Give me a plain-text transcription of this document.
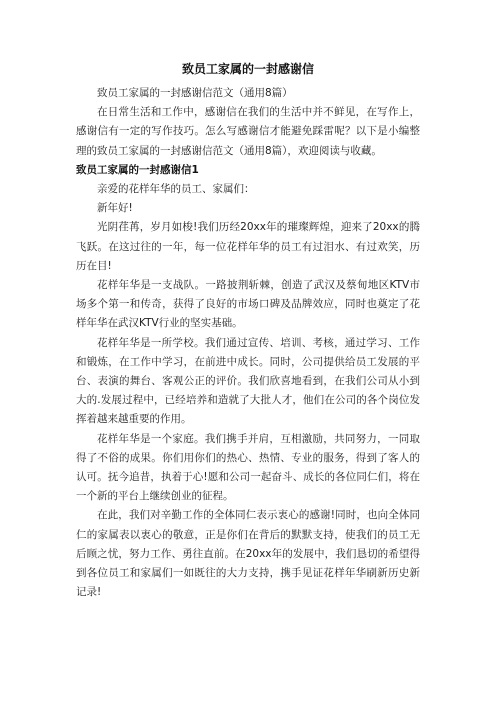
致员工家属的一封感谢信

致员工家属的一封感谢信范文（通用8篇）

在日常生活和工作中，感谢信在我们的生活中并不鲜见，在写作上，感谢信有一定的写作技巧。怎么写感谢信才能避免踩雷呢？以下是小编整理的致员工家属的一封感谢信范文（通用8篇），欢迎阅读与收藏。

致员工家属的一封感谢信1

亲爱的花样年华的员工、家属们：

新年好!

光阴荏苒，岁月如梭!我们历经20xx年的璀璨辉煌，迎来了20xx的腾飞跃。在这过往的一年，每一位花样年华的员工有过泪水、有过欢笑，历历在目!

花样年华是一支战队。一路披荆斩棘，创造了武汉及蔡甸地区KTV市场多个第一和传奇，获得了良好的市场口碑及品牌效应，同时也奠定了花样年华在武汉KTV行业的坚实基础。

花样年华是一所学校。我们通过宣传、培训、考核，通过学习、工作和锻炼，在工作中学习，在前进中成长。同时，公司提供给员工发展的平台、表演的舞台、客观公正的评价。我们欣喜地看到，在我们公司从小到大的.发展过程中，已经培养和造就了大批人才，他们在公司的各个岗位发挥着越来越重要的作用。

花样年华是一个家庭。我们携手并肩，互相激励，共同努力，一同取得了不俗的成果。你们用你们的热心、热情、专业的服务，得到了客人的认可。抚今追昔，执着于心!愿和公司一起奋斗、成长的各位同仁们，将在一个新的平台上继续创业的征程。

在此，我们对辛勤工作的全体同仁表示衷心的感谢!同时，也向全体同仁的家属表以衷心的敬意，正是你们在背后的默默支持，使我们的员工无后顾之忧，努力工作、勇往直前。在20xx年的发展中，我们恳切的希望得到各位员工和家属们一如既往的大力支持，携手见证花样年华刷新历史新记录!
